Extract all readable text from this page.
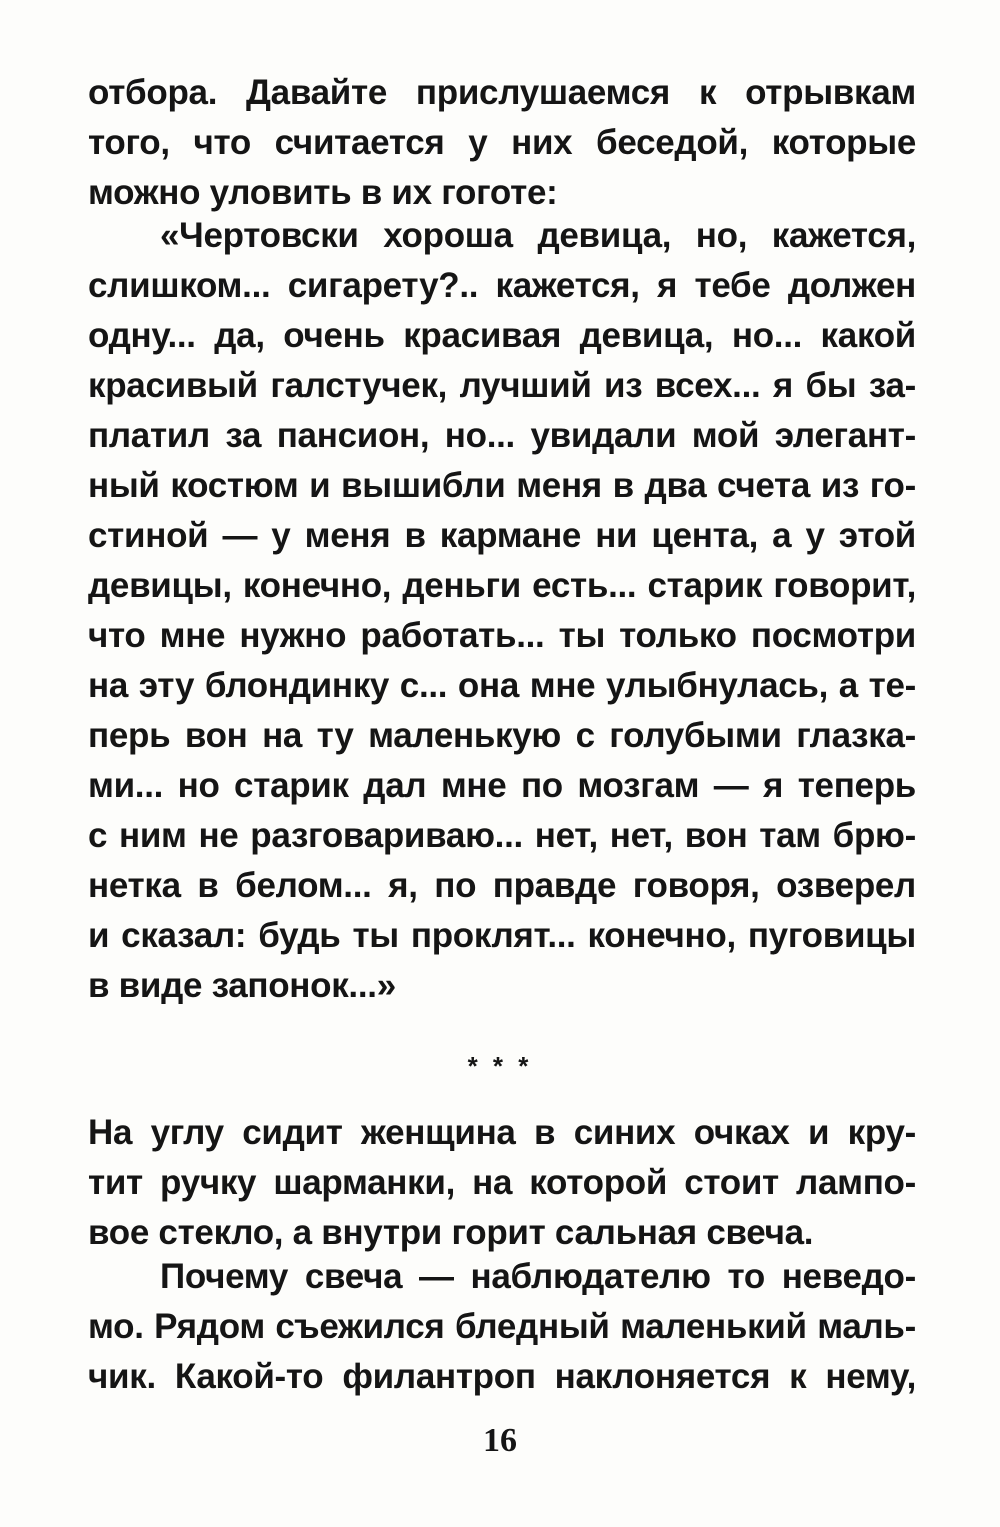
отбора. Давайте прислушаемся к отрывкам
того, что считается у них беседой, которые
можно уловить в их гоготе:
«Чертовски хороша девица, но, кажется,
слишком... сигарету?.. кажется, я тебе должен
одну... да, очень красивая девица, но... какой
красивый галстучек, лучший из всех... я бы за-
платил за пансион, но... увидали мой элегант-
ный костюм и вышибли меня в два счета из го-
стиной — у меня в кармане ни цента, а у этой
девицы, конечно, деньги есть... старик говорит,
что мне нужно работать... ты только посмотри
на эту блондинку с... она мне улыбнулась, а те-
перь вон на ту маленькую с голубыми глазка-
ми... но старик дал мне по мозгам — я теперь
с ним не разговариваю... нет, нет, вон там брю-
нетка в белом... я, по правде говоря, озверел
и сказал: будь ты проклят... конечно, пуговицы
в виде запонок...»
* * *
На углу сидит женщина в синих очках и кру-
тит ручку шарманки, на которой стоит лампо-
вое стекло, а внутри горит сальная свеча.
Почему свеча — наблюдателю то неведо-
мо. Рядом съежился бледный маленький маль-
чик. Какой-то филантроп наклоняется к нему,
16
